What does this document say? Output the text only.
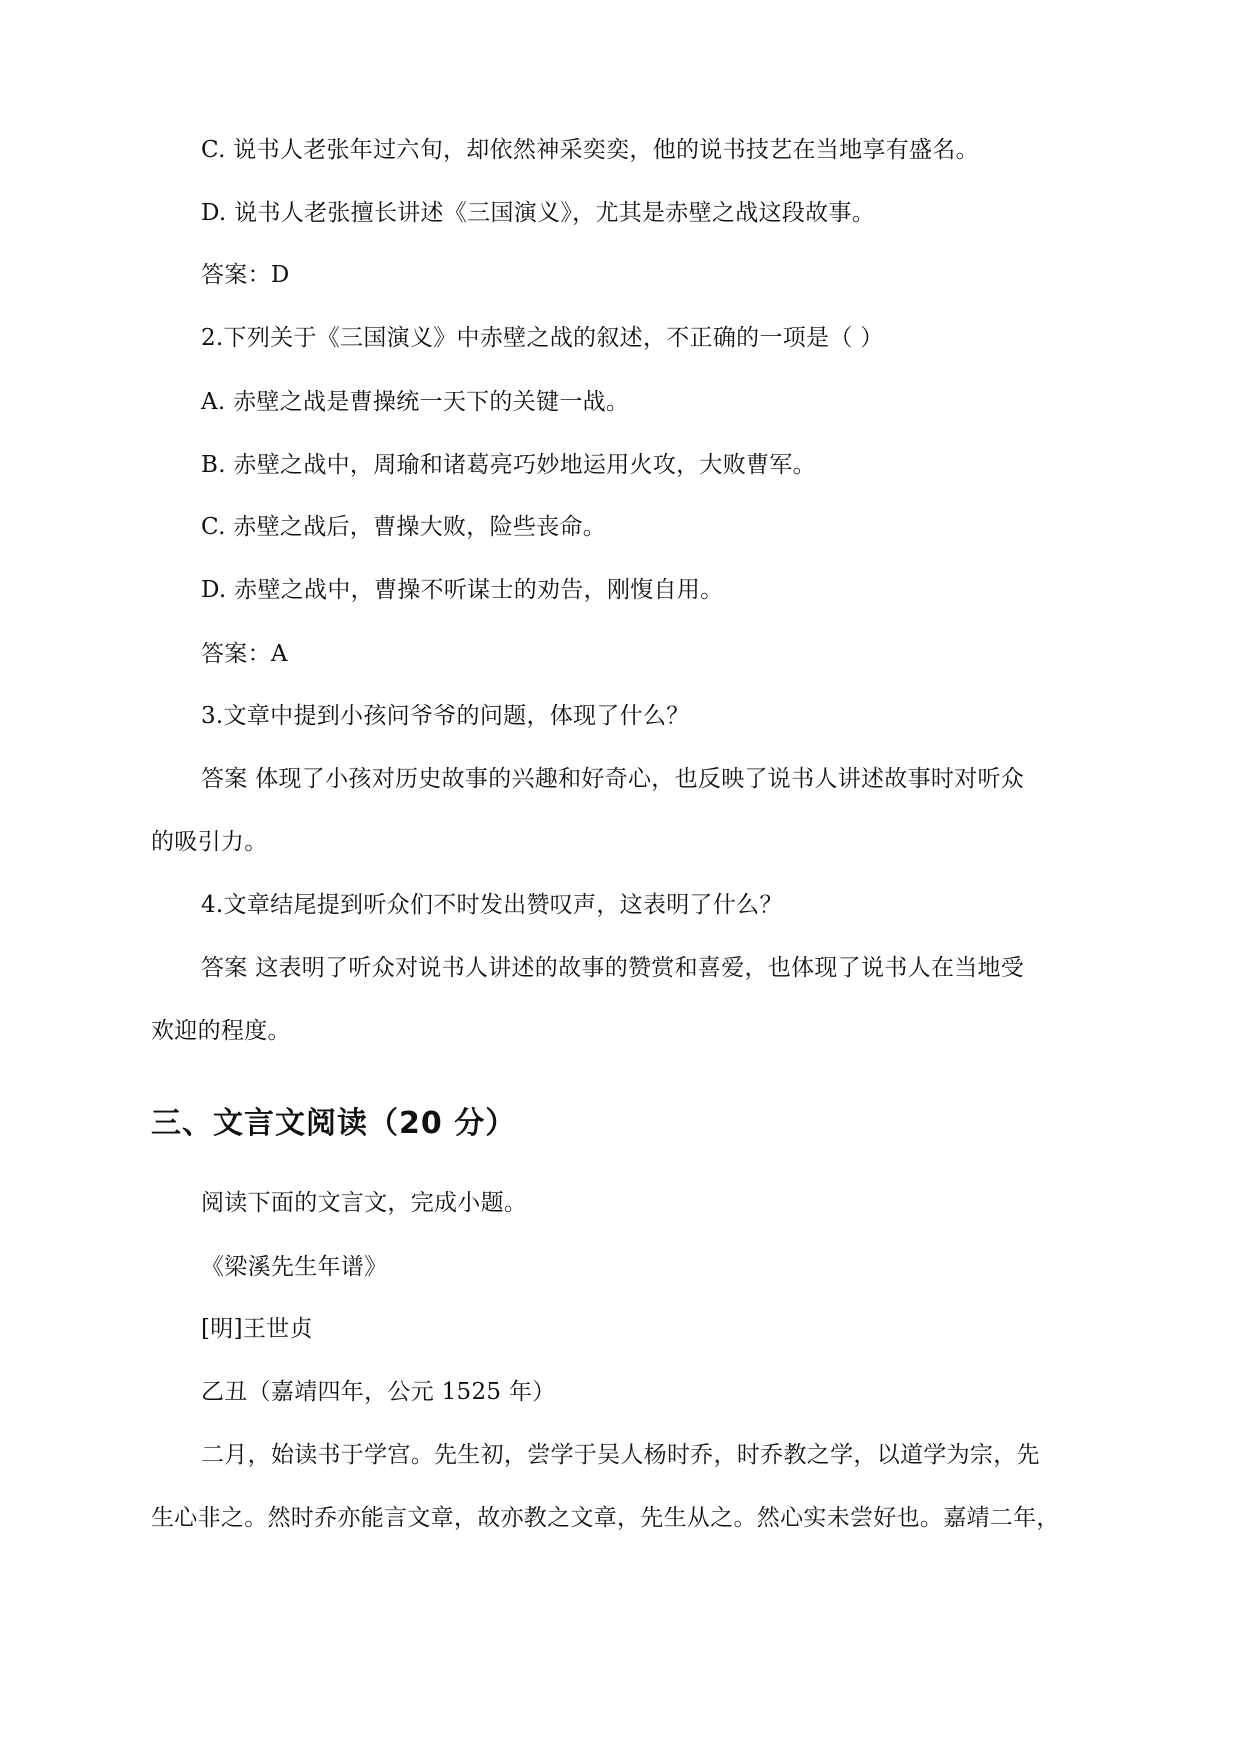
C. 说书人老张年过六旬，却依然神采奕奕，他的说书技艺在当地享有盛名。
D. 说书人老张擅长讲述《三国演义》，尤其是赤壁之战这段故事。
答案：D
2.下列关于《三国演义》中赤壁之战的叙述，不正确的一项是（ ）
A. 赤壁之战是曹操统一天下的关键一战。
B. 赤壁之战中，周瑜和诸葛亮巧妙地运用火攻，大败曹军。
C. 赤壁之战后，曹操大败，险些丧命。
D. 赤壁之战中，曹操不听谋士的劝告，刚愎自用。
答案：A
3.文章中提到小孩问爷爷的问题，体现了什么？
答案 体现了小孩对历史故事的兴趣和好奇心，也反映了说书人讲述故事时对听众
的吸引力。
4.文章结尾提到听众们不时发出赞叹声，这表明了什么？
答案 这表明了听众对说书人讲述的故事的赞赏和喜爱，也体现了说书人在当地受
欢迎的程度。
三、文言文阅读（20 分）
阅读下面的文言文，完成小题。
《梁溪先生年谱》
[明]王世贞
乙丑（嘉靖四年，公元 1525 年）
二月，始读书于学宫。先生初，尝学于吴人杨时乔，时乔教之学，以道学为宗，先
生心非之。然时乔亦能言文章，故亦教之文章，先生从之。然心实未尝好也。嘉靖二年，
